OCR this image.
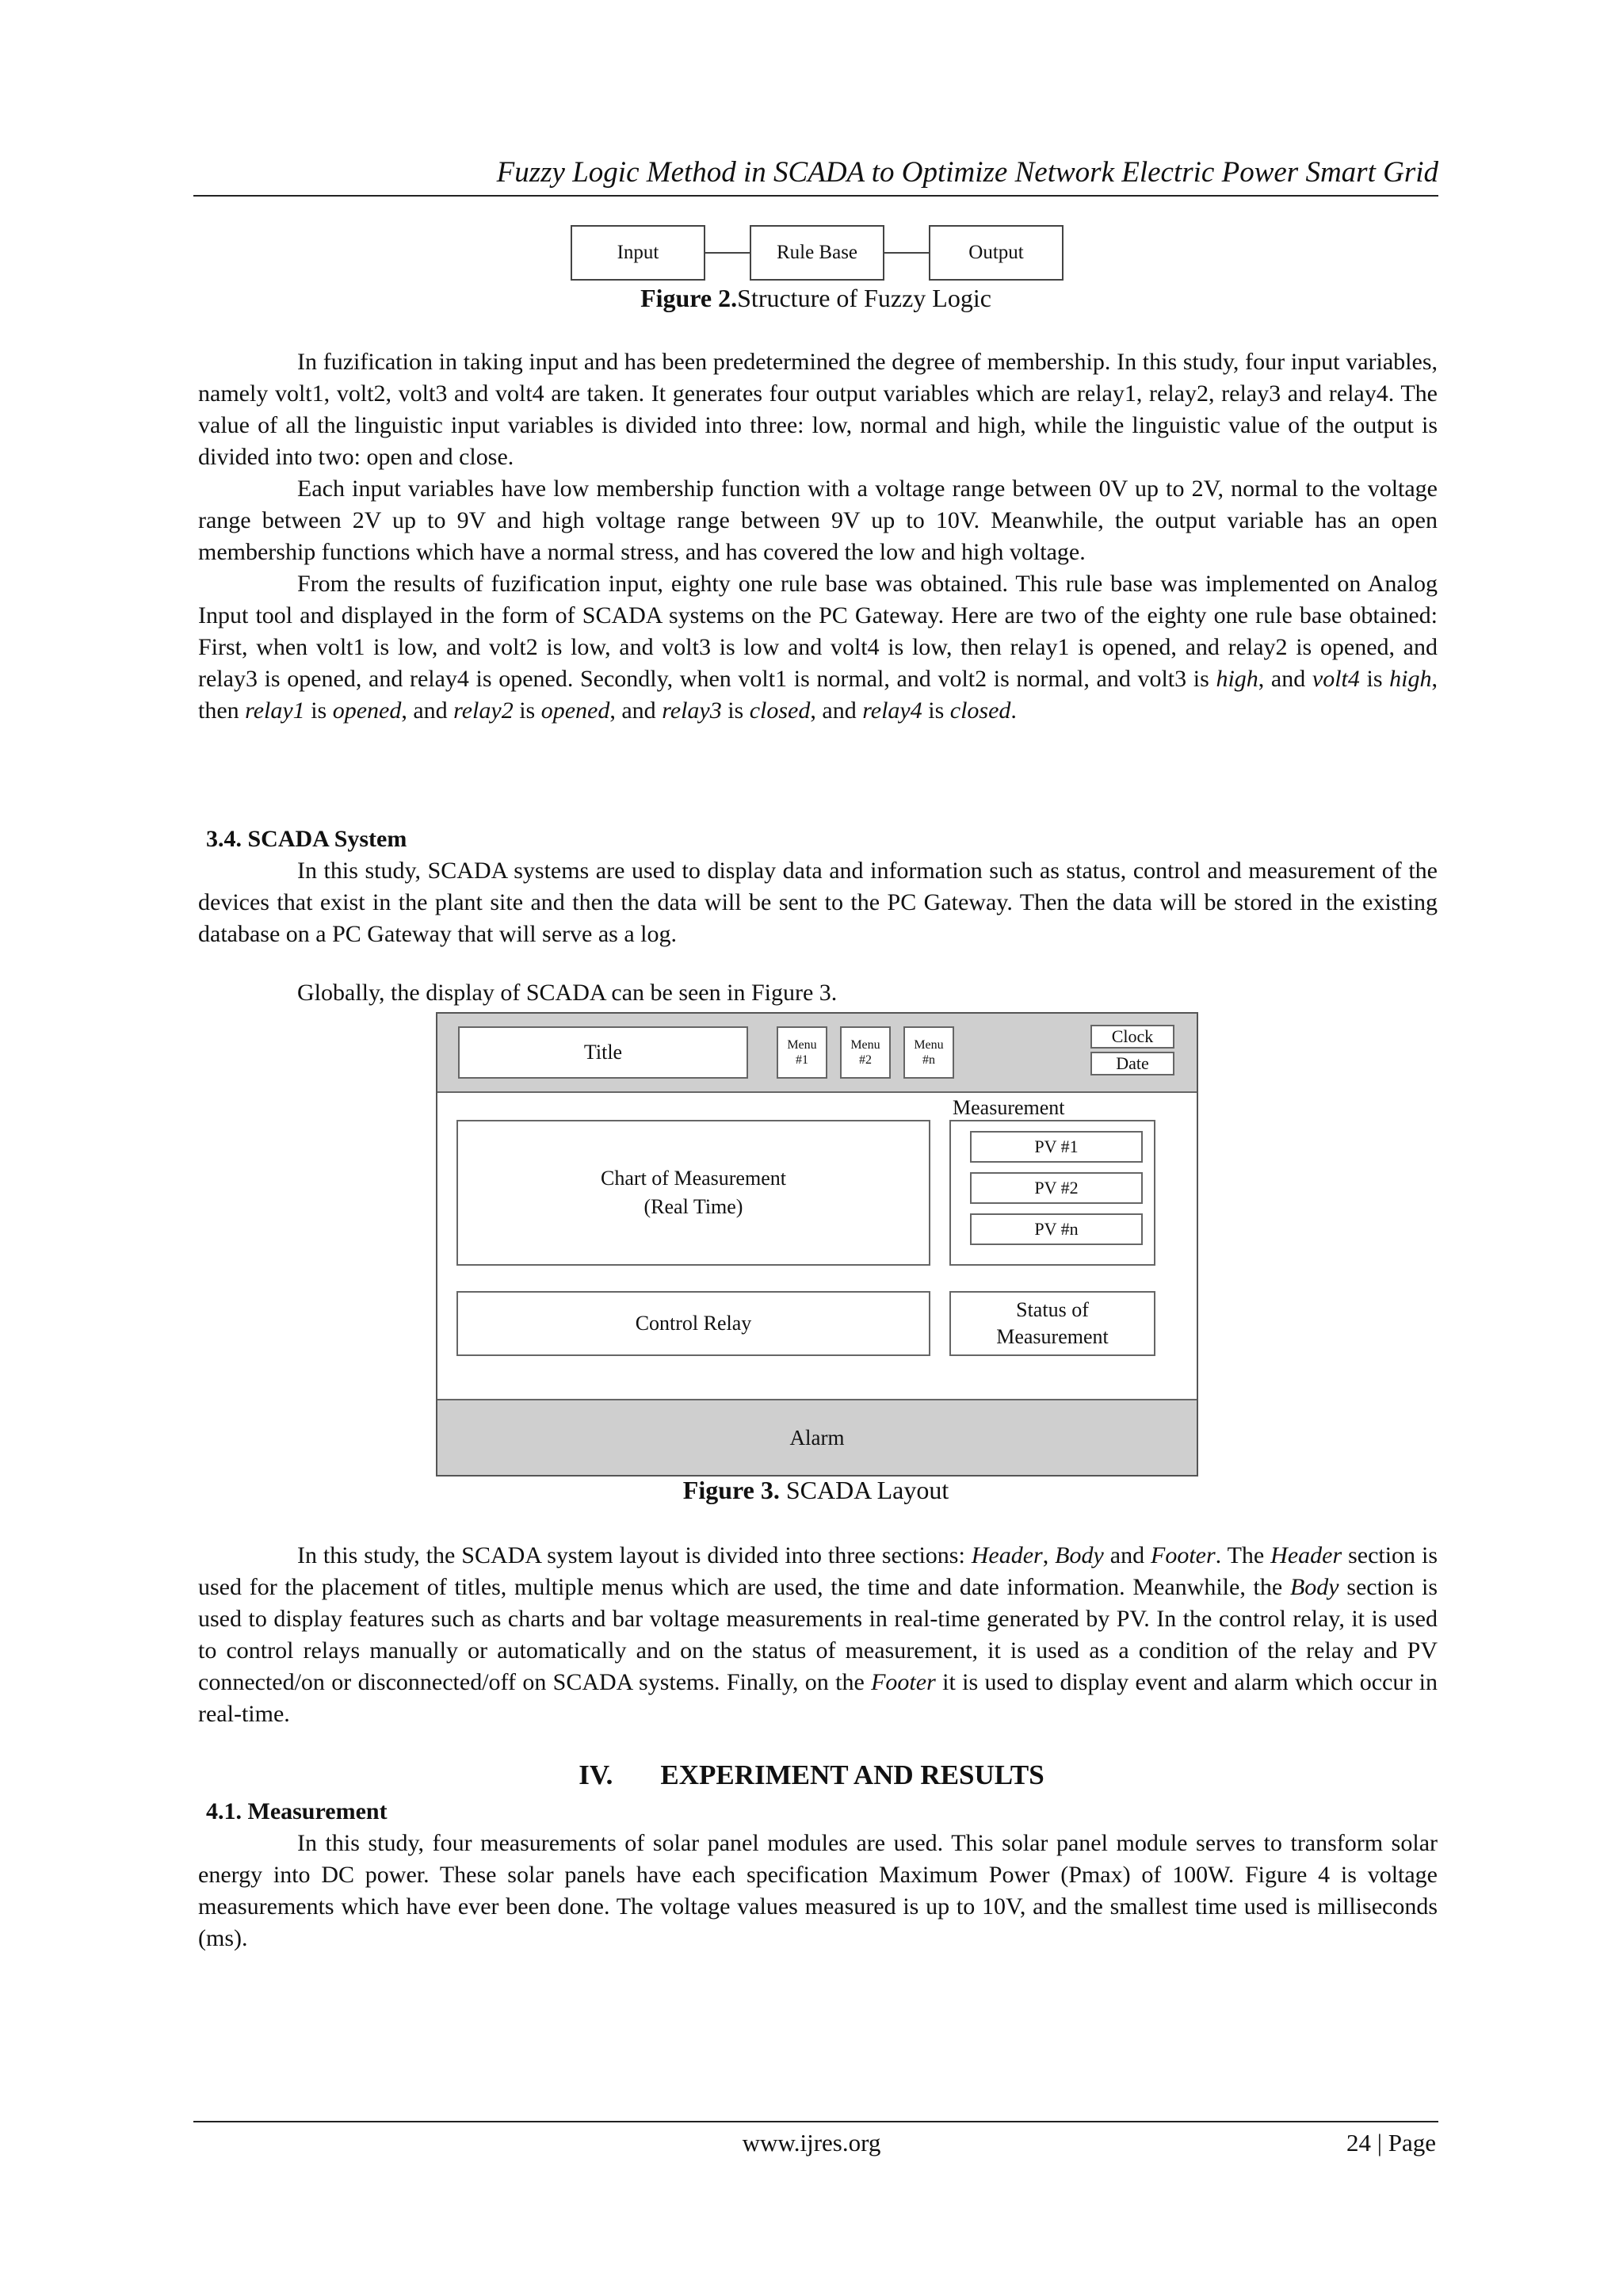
Fuzzy Logic Method in SCADA to Optimize Network Electric Power Smart Grid
Input	Rule Base	Output
Figure 2.Structure of Fuzzy Logic

In fuzification in taking input and has been predetermined the degree of membership. In this study, four input variables, namely volt1, volt2, volt3 and volt4 are taken. It generates four output variables which are relay1, relay2, relay3 and relay4. The value of all the linguistic input variables is divided into three: low, normal and high, while the linguistic value of the output is divided into two: open and close.

Each input variables have low membership function with a voltage range between 0V up to 2V, normal to the voltage range between 2V up to 9V and high voltage range between 9V up to 10V. Meanwhile, the output variable has an open membership functions which have a normal stress, and has covered the low and high voltage.

From the results of fuzification input, eighty one rule base was obtained. This rule base was implemented on Analog Input tool and displayed in the form of SCADA systems on the PC Gateway. Here are two of the eighty one rule base obtained: First, when volt1 is low, and volt2 is low, and volt3 is low and volt4 is low, then relay1 is opened, and relay2 is opened, and relay3 is opened, and relay4 is opened. Secondly, when volt1 is normal, and volt2 is normal, and volt3 is high, and volt4 is high, then relay1 is opened, and relay2 is opened, and relay3 is closed, and relay4 is closed.

3.4. SCADA System

In this study, SCADA systems are used to display data and information such as status, control and measurement of the devices that exist in the plant site and then the data will be sent to the PC Gateway. Then the data will be stored in the existing database on a PC Gateway that will serve as a log.

Globally, the display of SCADA can be seen in Figure 3.

Title	Menu
#1
Menu
#2
Menu
#n
Clock
Date
Measurement
Chart of Measurement
(Real Time)
PV #1
PV #2
PV #n
Control Relay
Status of
Measurement
Alarm
Figure 3. SCADA Layout

In this study, the SCADA system layout is divided into three sections: Header, Body and Footer. The Header section is used for the placement of titles, multiple menus which are used, the time and date information. Meanwhile, the Body section is used to display features such as charts and bar voltage measurements in real-time generated by PV. In the control relay, it is used to control relays manually or automatically and on the status of measurement, it is used as a condition of the relay and PV connected/on or disconnected/off on SCADA systems. Finally, on the Footer it is used to display event and alarm which occur in real-time.

IV. EXPERIMENT AND RESULTS
4.1. Measurement

In this study, four measurements of solar panel modules are used. This solar panel module serves to transform solar energy into DC power. These solar panels have each specification Maximum Power (Pmax) of 100W. Figure 4 is voltage measurements which have ever been done. The voltage values measured is up to 10V, and the smallest time used is milliseconds (ms).

www.ijres.org	24 | Page
